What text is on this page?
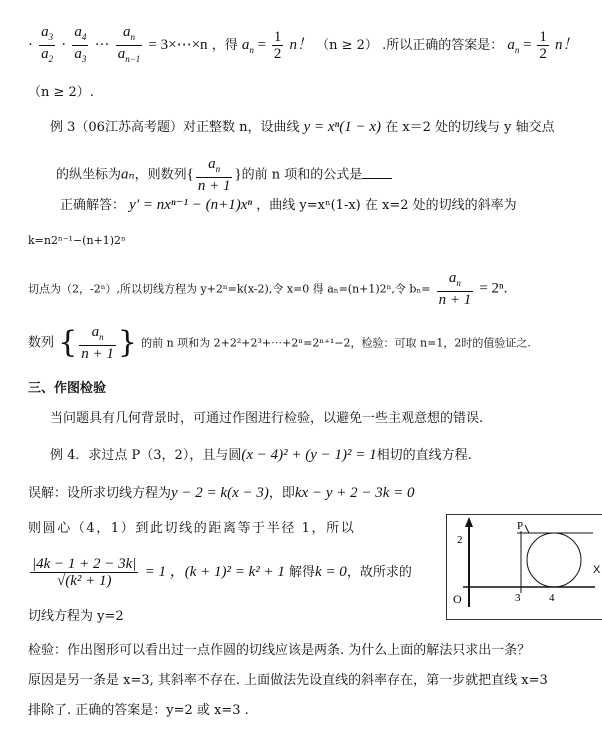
· $\frac{a_3}{a_2} \cdot \frac{a_4}{a_3}$ ··· $\frac{a_n}{a_{n-1}}$ = 3×⋯×n ，得 $a_n = \frac{1}{2}$ n！ （n ≥ 2） .所以正确的答案是： $a_n = \frac{1}{2}$ n！
（n ≥ 2）.
例 3（06江苏高考题）对正整数 n，设曲线 y = xⁿ(1 − x) 在 x＝2 处的切线与 y 轴交点
的纵坐标为aₙ，则数列{ $\frac{a_n}{n + 1}$ }的前 n 项和的公式是
正确解答： y′ = nxⁿ⁻¹ − (n+1)xⁿ ，曲线 y=xⁿ(1-x) 在 x=2 处的切线的斜率为
k=n2ⁿ⁻¹−(n+1)2ⁿ
切点为（2，-2ⁿ）,所以切线方程为 y+2ⁿ=k(x-2),令 x=0 得 aₙ=(n+1)2ⁿ,令 $b_n= \frac{a_n}{n + 1} = 2^n$.
数列 { $\frac{a_n}{n + 1}$ } 的前 n 项和为 2+2²+2³+⋯+2ⁿ=2ⁿ⁺¹−2，检验：可取 n=1，2时的值验证之.
三、作图检验
当问题具有几何背景时，可通过作图进行检验，以避免一些主观意想的错误.
例 4．求过点 P（3，2），且与圆(x − 4)² + (y − 1)² = 1相切的直线方程.
误解：设所求切线方程为y − 2 = k(x − 3)，即kx − y + 2 − 3k = 0
则圆心（4，1）到此切线的距离等于半径 1，所以
$\frac{|4k - 1 + 2 - 3k|}{\text{√(k² + 1)}} = 1$ ，(k + 1)² = k² + 1 解得k = 0，故所求的
切线方程为 y=2
检验：作出图形可以看出过一点作圆的切线应该是两条. 为什么上面的解法只求出一条？
原因是另一条是 x=3, 其斜率不存在. 上面做法先设直线的斜率存在，第一步就把直线 x=3
排除了. 正确的答案是：y=2 或 x=3 .
P
2
O	3	4
X
